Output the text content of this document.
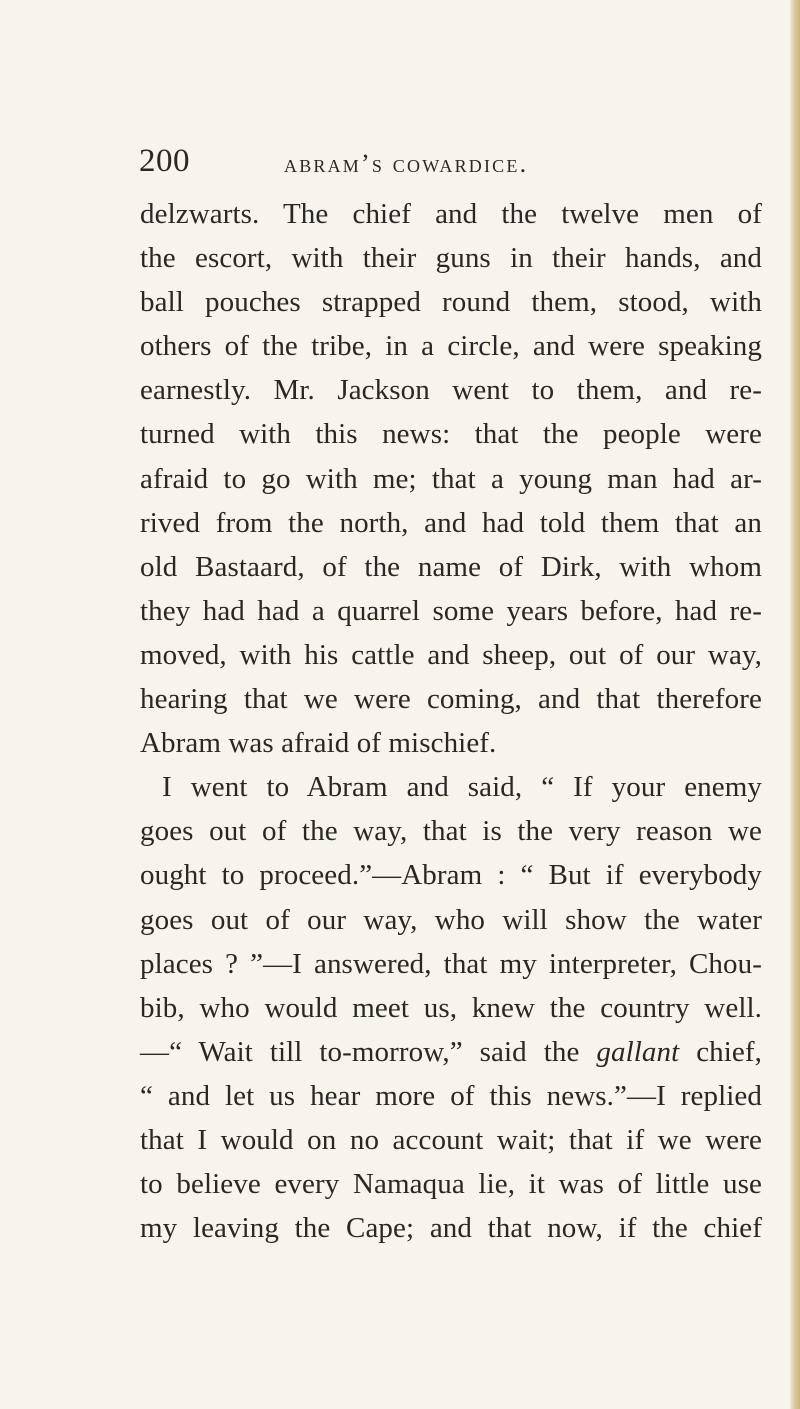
200	abram’s cowardice.
delzwarts. The chief and the twelve men of
the escort, with their guns in their hands, and
ball pouches strapped round them, stood, with
others of the tribe, in a circle, and were speaking
earnestly. Mr. Jackson went to them, and re-
turned with this news: that the people were
afraid to go with me; that a young man had ar-
rived from the north, and had told them that an
old Bastaard, of the name of Dirk, with whom
they had had a quarrel some years before, had re-
moved, with his cattle and sheep, out of our way,
hearing that we were coming, and that therefore
Abram was afraid of mischief.
I went to Abram and said, “ If your enemy
goes out of the way, that is the very reason we
ought to proceed.”—Abram : “ But if everybody
goes out of our way, who will show the water
places ? ”—I answered, that my interpreter, Chou-
bib, who would meet us, knew the country well.
—“ Wait till to-morrow,” said the gallant chief,
“ and let us hear more of this news.”—I replied
that I would on no account wait; that if we were
to believe every Namaqua lie, it was of little use
my leaving the Cape; and that now, if the chief
